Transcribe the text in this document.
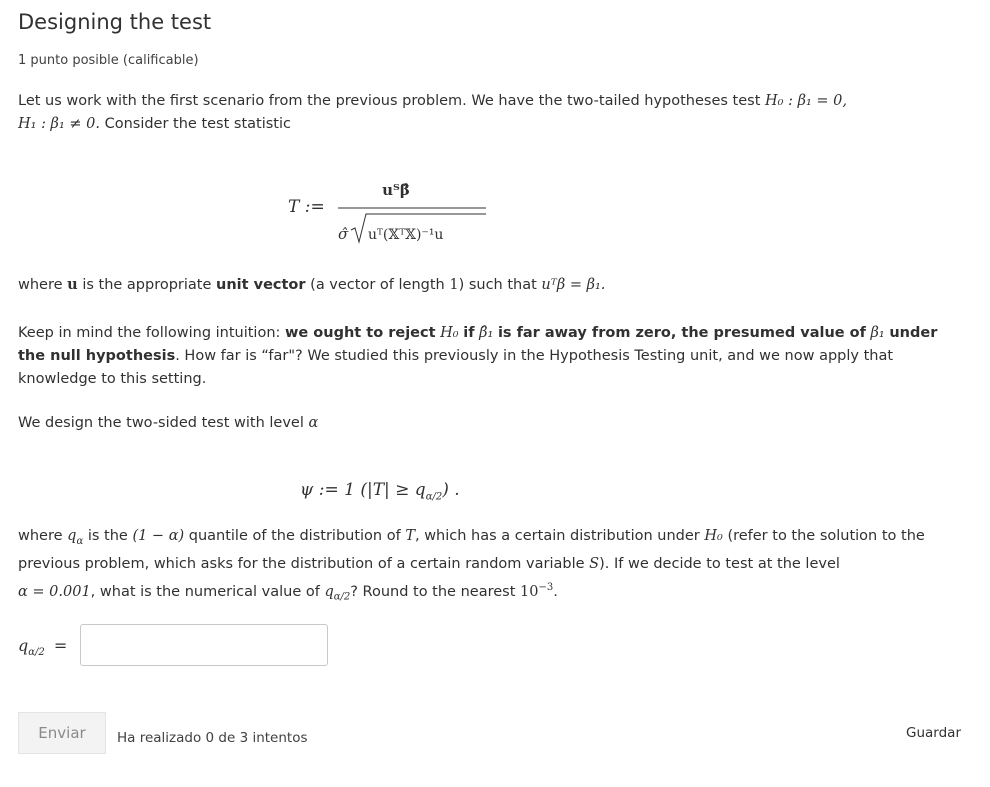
Designing the test
1 punto posible (calificable)
Let us work with the first scenario from the previous problem. We have the two-tailed hypotheses test H₀ : β₁ = 0,
H₁ : β₁ ≠ 0. Consider the test statistic
T :=
uᵀβ̂
σ̂ uᵀ(𝕏ᵀ𝕏)⁻¹u
where u is the appropriate unit vector (a vector of length 1) such that uᵀβ = β₁.
Keep in mind the following intuition: we ought to reject H₀ if β̂₁ is far away from zero, the presumed value of β₁ under the null hypothesis. How far is “far"? We studied this previously in the Hypothesis Testing unit, and we now apply that knowledge to this setting.
We design the two-sided test with level α
ψ := 1 $(|T| \ge q_{\alpha/2})$ .
where $q_\alpha$ is the (1 − α) quantile of the distribution of T, which has a certain distribution under H₀ (refer to the solution to the previous problem, which asks for the distribution of a certain random variable S). If we decide to test at the level
α = 0.001, what is the numerical value of $q_{\alpha/2}$? Round to the nearest $10^{-3}$.
$q_{\alpha/2}$ =
Enviar	Ha realizado 0 de 3 intentos	Guardar
